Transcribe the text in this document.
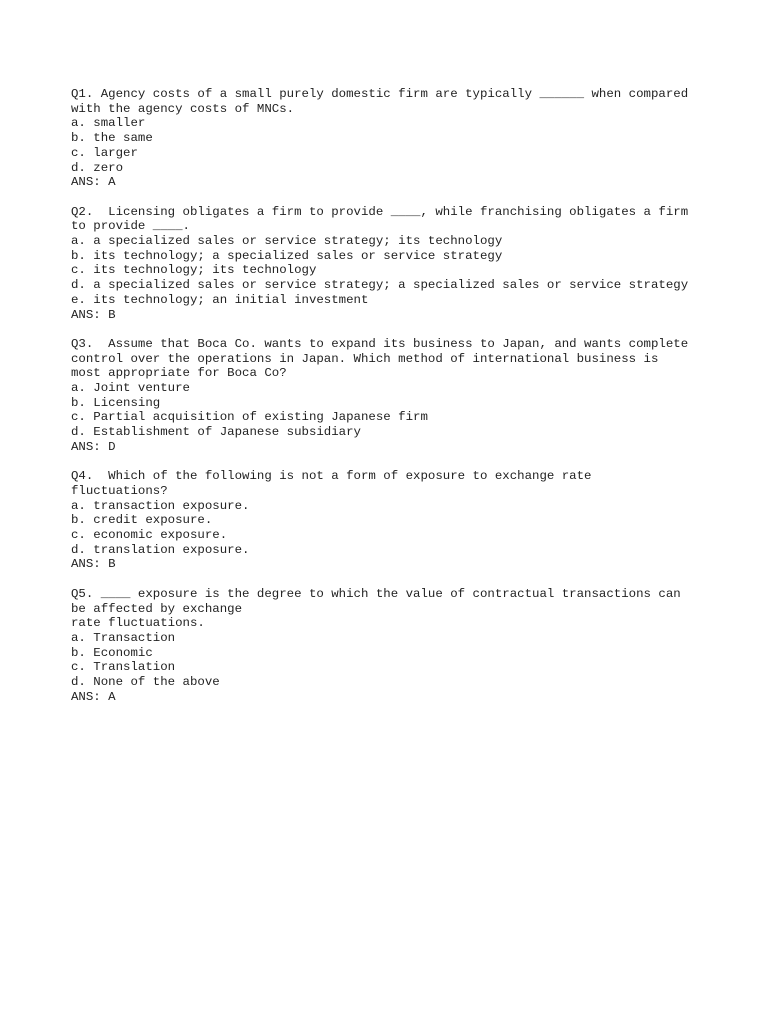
Q1. Agency costs of a small purely domestic firm are typically ______ when compared
with the agency costs of MNCs.
a. smaller
b. the same
c. larger
d. zero
ANS: A
Q2.  Licensing obligates a firm to provide ____, while franchising obligates a firm
to provide ____.
a. a specialized sales or service strategy; its technology
b. its technology; a specialized sales or service strategy
c. its technology; its technology
d. a specialized sales or service strategy; a specialized sales or service strategy
e. its technology; an initial investment
ANS: B
Q3.  Assume that Boca Co. wants to expand its business to Japan, and wants complete
control over the operations in Japan. Which method of international business is
most appropriate for Boca Co?
a. Joint venture
b. Licensing
c. Partial acquisition of existing Japanese firm
d. Establishment of Japanese subsidiary
ANS: D
Q4.  Which of the following is not a form of exposure to exchange rate
fluctuations?
a. transaction exposure.
b. credit exposure.
c. economic exposure.
d. translation exposure.
ANS: B
Q5. ____ exposure is the degree to which the value of contractual transactions can
be affected by exchange
rate fluctuations.
a. Transaction
b. Economic
c. Translation
d. None of the above
ANS: A
